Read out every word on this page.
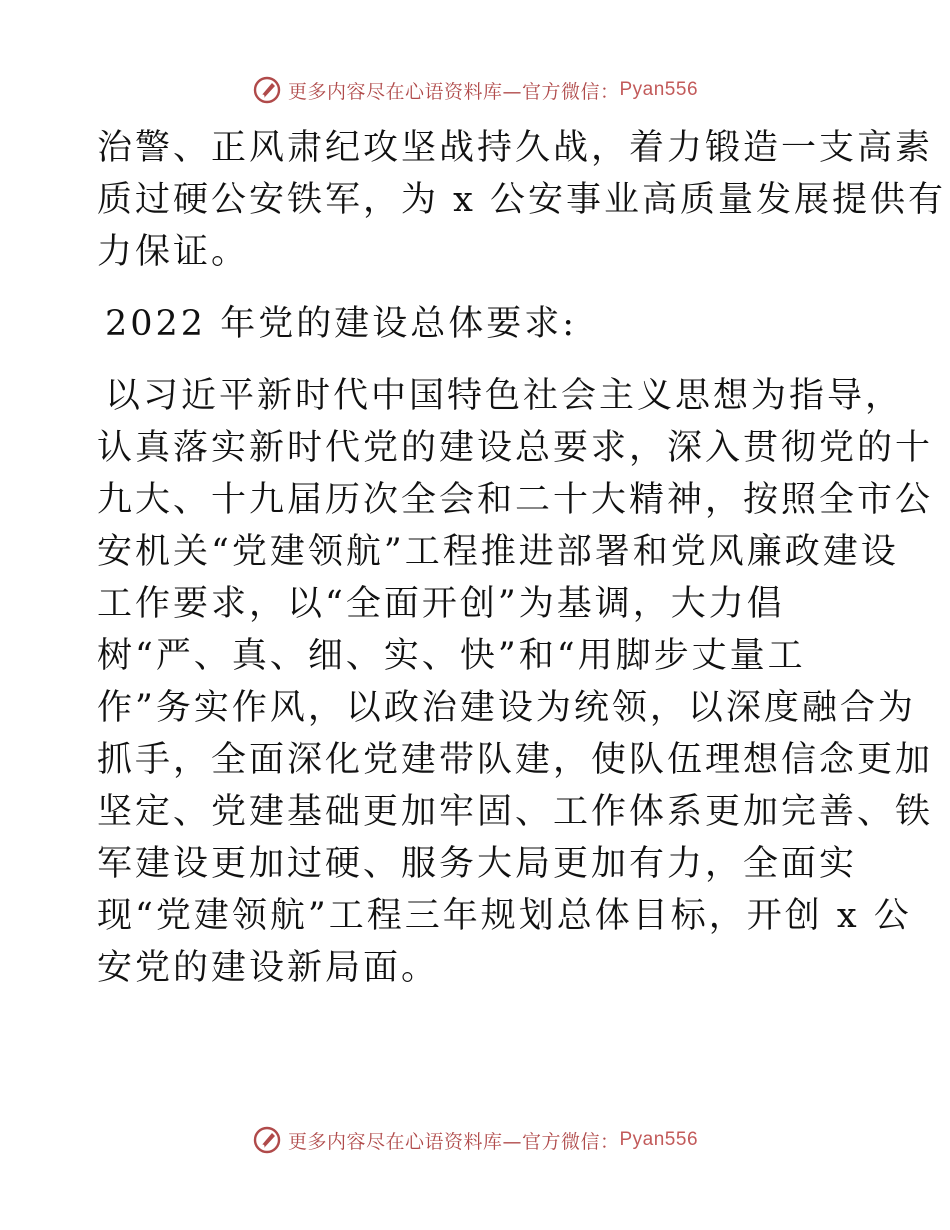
更多内容尽在心语资料库—官方微信： Pyan556
治警、正风肃纪攻坚战持久战，着力锻造一支高素
质过硬公安铁军，为 x 公安事业高质量发展提供有
力保证。
2022 年党的建设总体要求:
以习近平新时代中国特色社会主义思想为指导，
认真落实新时代党的建设总要求，深入贯彻党的十
九大、十九届历次全会和二十大精神，按照全市公
安机关“党建领航”工程推进部署和党风廉政建设
工作要求，以“全面开创”为基调，大力倡
树“严、真、细、实、快”和“用脚步丈量工
作”务实作风，以政治建设为统领，以深度融合为
抓手，全面深化党建带队建，使队伍理想信念更加
坚定、党建基础更加牢固、工作体系更加完善、铁
军建设更加过硬、服务大局更加有力，全面实
现“党建领航”工程三年规划总体目标，开创 x 公
安党的建设新局面。
更多内容尽在心语资料库—官方微信： Pyan556
